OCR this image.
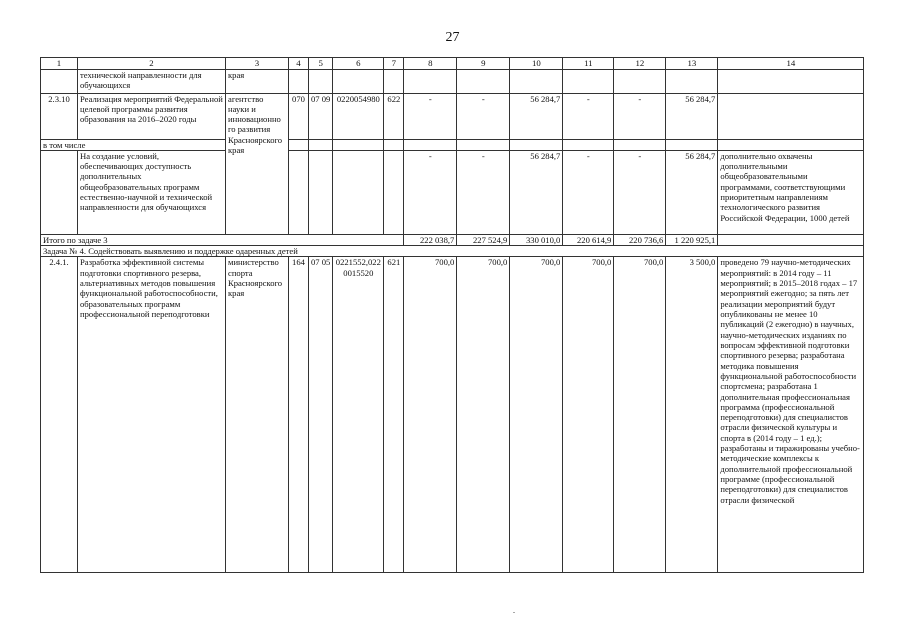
27
1	2	3	4	5	6	7	8	9	10	11	12	13	14
	технической направленности для обучающихся	края											
2.3.10	Реализация мероприятий Федеральной целевой программы развития образования на 2016–2020 годы	агентство науки и инновационно го развития Красноярского края	070	07 09	0220054980	622	-	-	56 284,7	-	-	56 284,7	
в том числе													
	На создание условий, обеспечивающих доступность дополнительных общеобразовательных программ естественно-научной и технической направленности для обучающихся						-	-	56 284,7	-	-	56 284,7	дополнительно охвачены дополнительными общеобразовательными программами, соответствующими приоритетным направлениям технологического развития Российской Федерации, 1000 детей
Итого по задаче 3							222 038,7	227 524,9	330 010,0	220 614,9	220 736,6	1 220 925,1	
Задача № 4. Содействовать выявлению и поддержке одаренных детей													
2.4.1.	Разработка эффективной системы подготовки спортивного резерва, альтернативных методов повышения функциональной работоспособности, образовательных программ профессиональной переподготовки	министерство спорта Красноярского края	164	07 05	0221552,022 0015520	621	700,0	700,0	700,0	700,0	700,0	3 500,0	проведено 79 научно-методических мероприятий: в 2014 году – 11 мероприятий; в 2015–2018 годах – 17 мероприятий ежегодно; за пять лет реализации мероприятий будут опубликованы не менее 10 публикаций (2 ежегодно) в научных, научно-методических изданиях по вопросам эффективной подготовки спортивного резерва; разработана методика повышения функциональной работоспособности спортсмена; разработана 1 дополнительная профессиональная программа (профессиональной переподготовки) для специалистов отрасли физической культуры и спорта в (2014 году – 1 ед.); разработаны и тиражированы учебно-методические комплексы к дополнительной профессиональной программе (профессиональной переподготовки) для специалистов отрасли физической
.
